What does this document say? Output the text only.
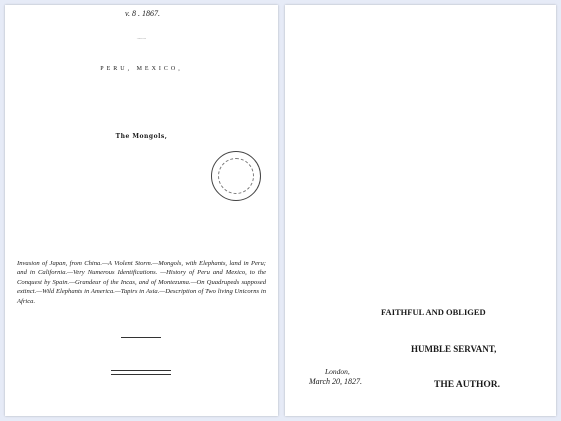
v. 8 . 1867.
Conquest
PERU, MEXICO,
The Mongols,
Invasion of Japan, from China.—A Violent Storm.—Mongols, with Elephants, land in Peru; and in California.—Very Numerous Identifications. —History of Peru and Mexico, to the Conquest by Spain.—Grandeur of the Incas, and of Montezuma.—On Quadrupeds supposed extinct.—Wild Elephants in America.—Tapirs in Asia.—Description of Two living Unicorns in Africa.
FAITHFUL AND OBLIGED
HUMBLE SERVANT,
London,
March 20, 1827.	THE AUTHOR.
